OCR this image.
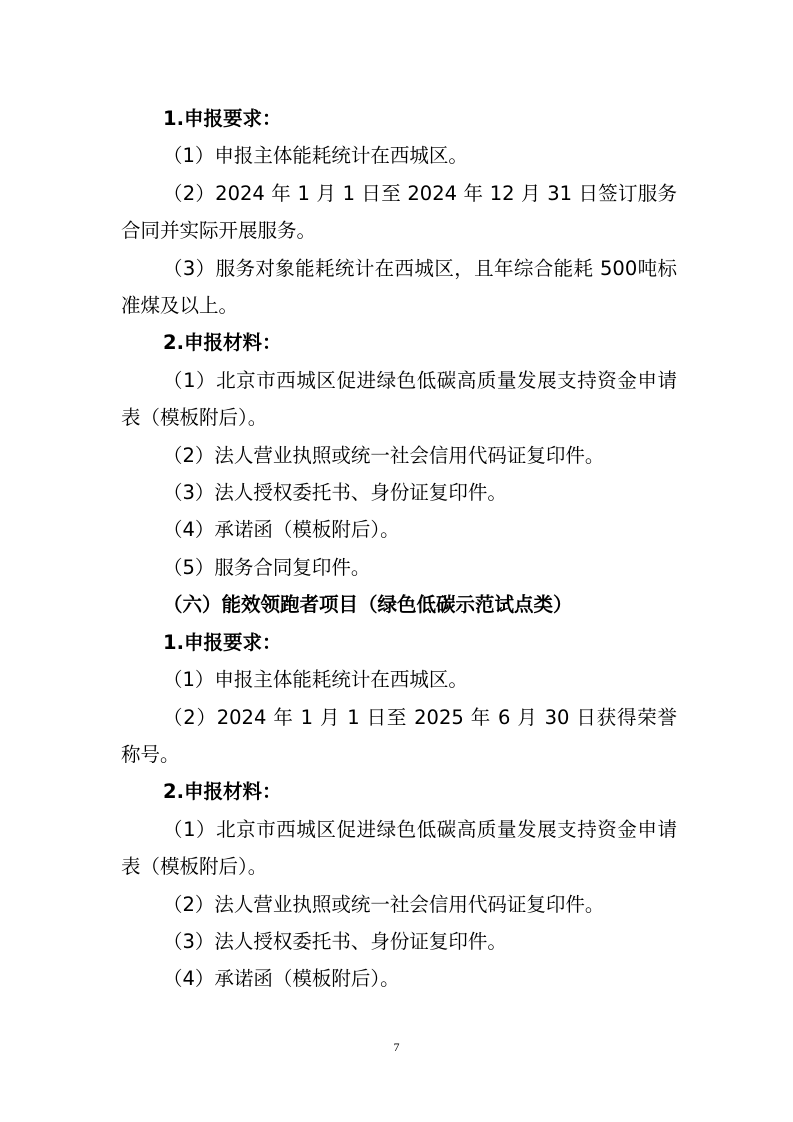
1.申报要求：

（1）申报主体能耗统计在西城区。

（2）2024 年 1 月 1 日至 2024 年 12 月 31 日签订服务合同并实际开展服务。

（3）服务对象能耗统计在西城区，且年综合能耗 500吨标准煤及以上。

2.申报材料：

（1）北京市西城区促进绿色低碳高质量发展支持资金申请表（模板附后）。

（2）法人营业执照或统一社会信用代码证复印件。

（3）法人授权委托书、身份证复印件。

（4）承诺函（模板附后）。

（5）服务合同复印件。

（六）能效领跑者项目（绿色低碳示范试点类）

1.申报要求：

（1）申报主体能耗统计在西城区。

（2）2024 年 1 月 1 日至 2025 年 6 月 30 日获得荣誉称号。

2.申报材料：

（1）北京市西城区促进绿色低碳高质量发展支持资金申请表（模板附后）。

（2）法人营业执照或统一社会信用代码证复印件。

（3）法人授权委托书、身份证复印件。

（4）承诺函（模板附后）。

7
